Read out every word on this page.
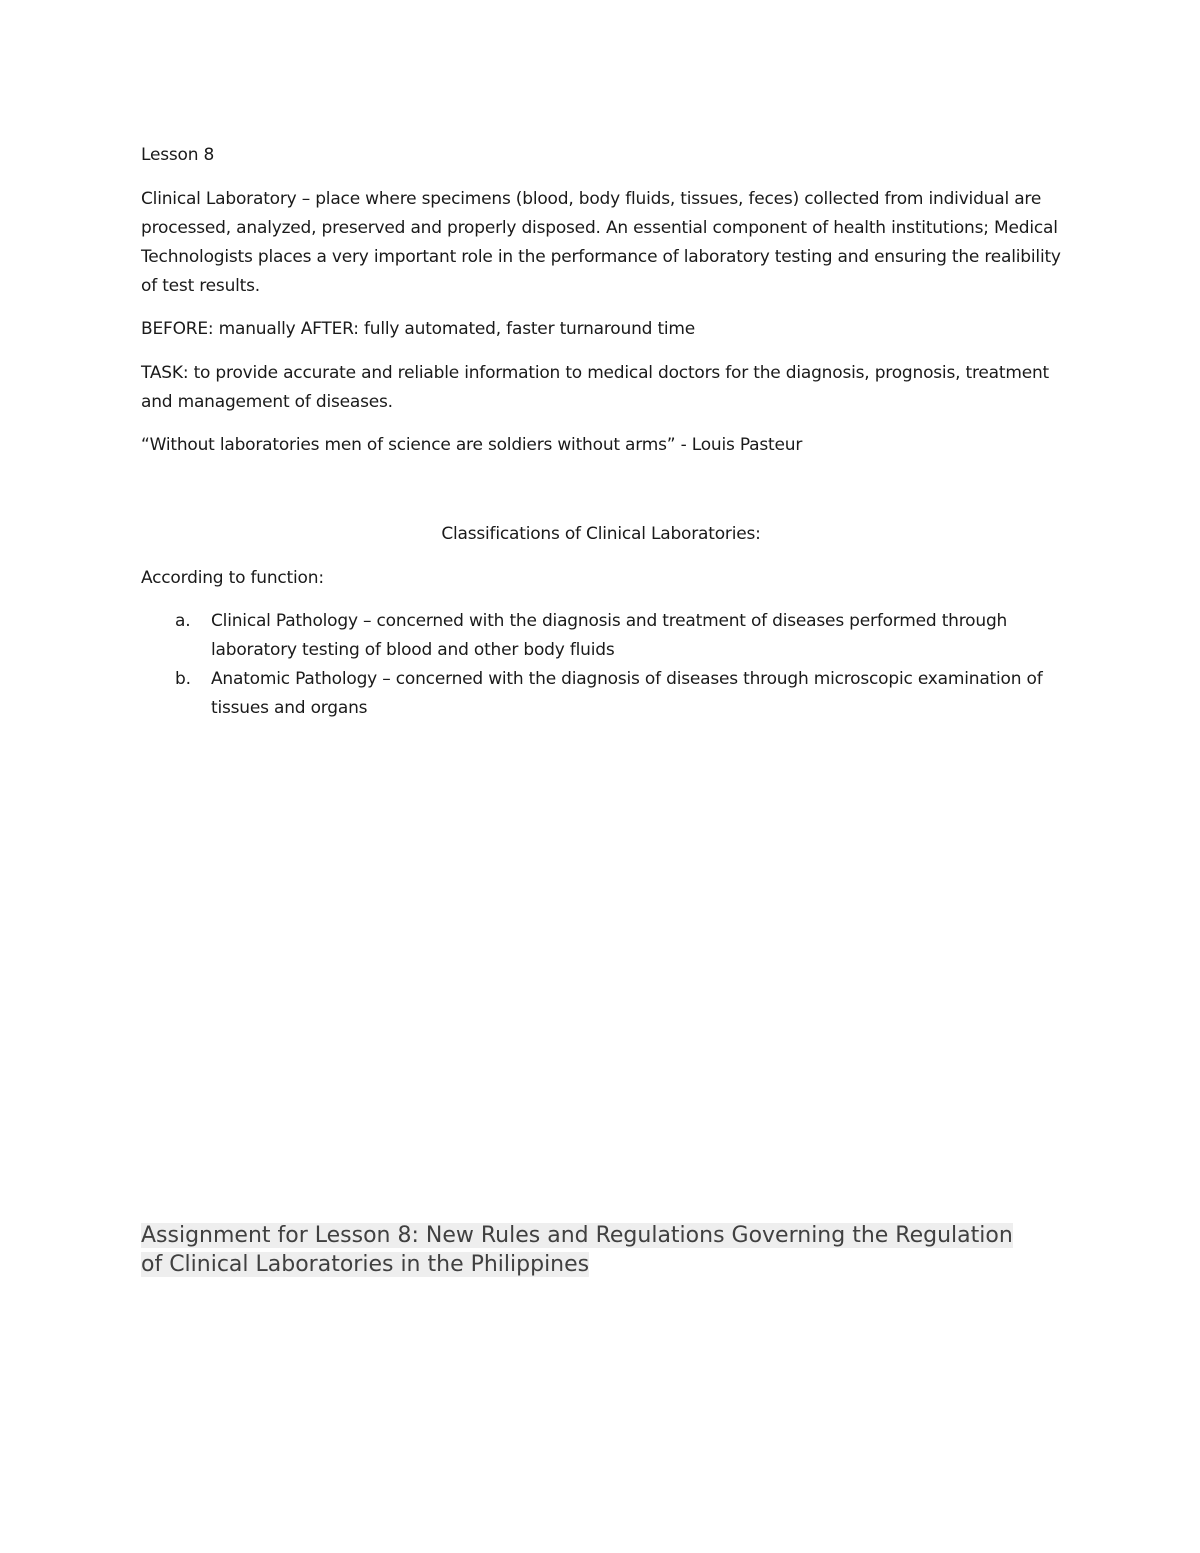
Lesson 8

Clinical Laboratory – place where specimens (blood, body fluids, tissues, feces) collected from individual are processed, analyzed, preserved and properly disposed. An essential component of health institutions; Medical Technologists places a very important role in the performance of laboratory testing and ensuring the realibility of test results.

BEFORE: manually AFTER: fully automated, faster turnaround time

TASK: to provide accurate and reliable information to medical doctors for the diagnosis, prognosis, treatment and management of diseases.

“Without laboratories men of science are soldiers without arms” - Louis Pasteur

Classifications of Clinical Laboratories:

According to function:

a. Clinical Pathology – concerned with the diagnosis and treatment of diseases performed through laboratory testing of blood and other body fluids
b. Anatomic Pathology – concerned with the diagnosis of diseases through microscopic examination of tissues and organs
Assignment for Lesson 8: New Rules and Regulations Governing the Regulation
of Clinical Laboratories in the Philippines
